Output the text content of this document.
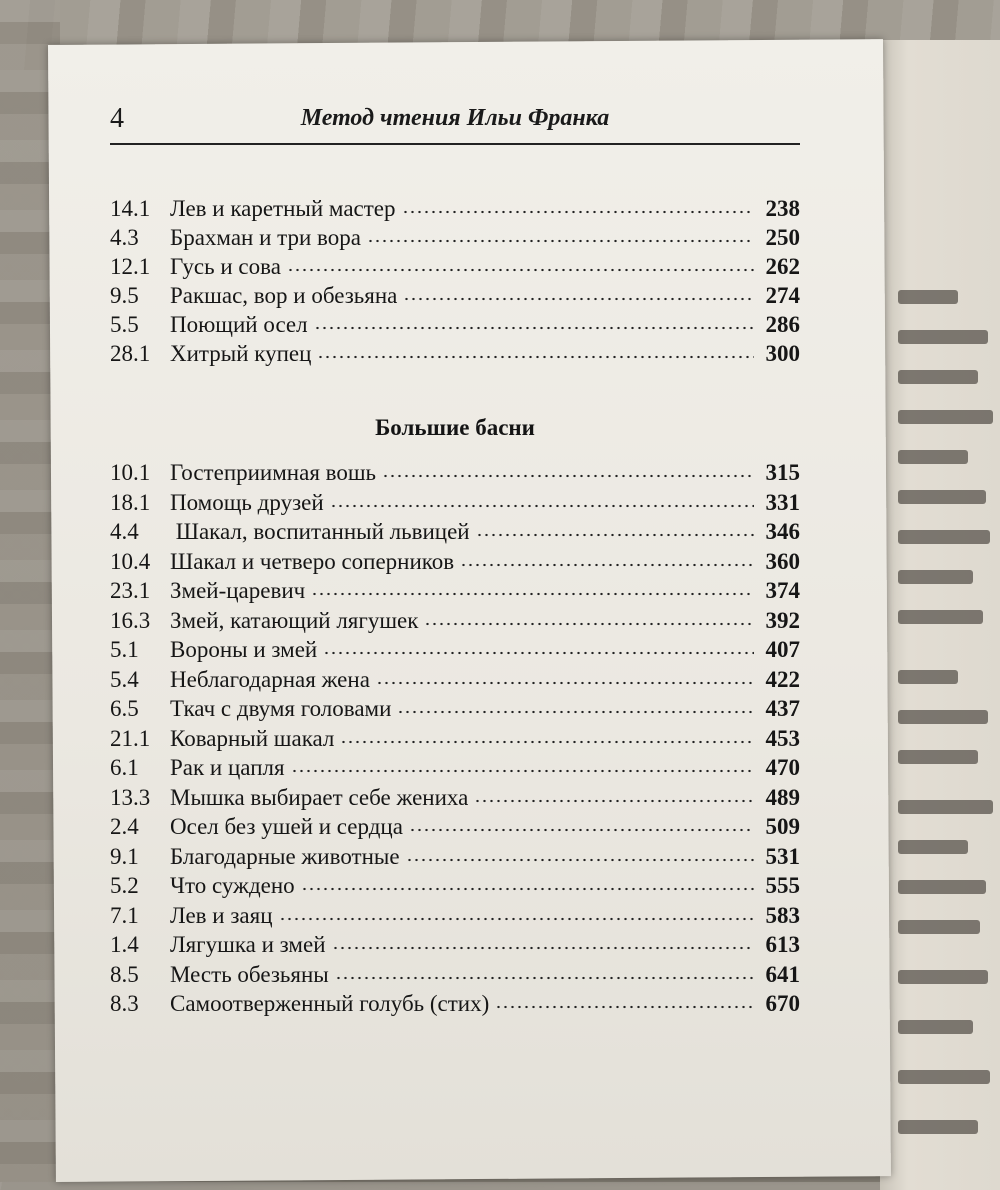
4	Метод чтения Ильи Франка
14.1 Лев и каретный мастер	238
4.3	Брахман и три вора	250
12.1 Гусь и сова	262
9.5	Ракшас, вор и обезьяна	274
5.5	Поющий осел	286
28.1 Хитрый купец	300
Большие басни
10.1 Гостеприимная вошь	315
18.1 Помощь друзей	331
4.4	Шакал, воспитанный львицей	346
10.4 Шакал и четверо соперников	360
23.1 Змей-царевич	374
16.3 Змей, катающий лягушек	392
5.1	Вороны и змей	407
5.4	Неблагодарная жена	422
6.5	Ткач с двумя головами	437
21.1 Коварный шакал	453
6.1	Рак и цапля	470
13.3 Мышка выбирает себе жениха	489
2.4	Осел без ушей и сердца	509
9.1	Благодарные животные	531
5.2	Что суждено	555
7.1	Лев и заяц	583
1.4	Лягушка и змей	613
8.5	Месть обезьяны	641
8.3	Самоотверженный голубь (стих)	670
